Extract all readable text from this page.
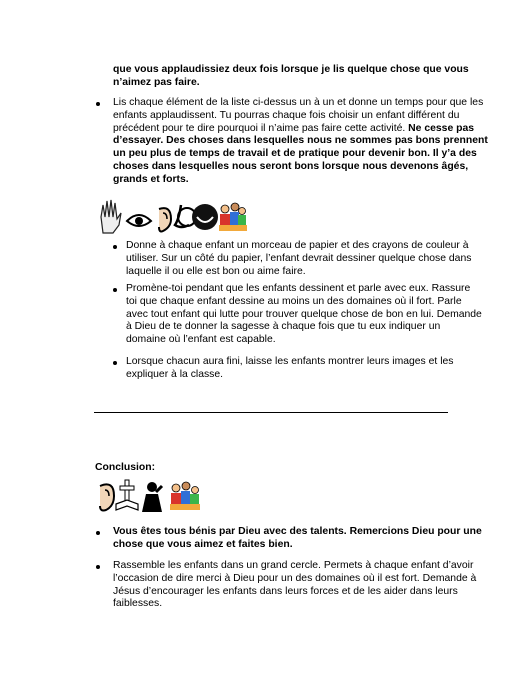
que vous applaudissiez deux fois lorsque je lis quelque chose que vous n’aimez pas faire.

Lis chaque élément de la liste ci-dessus un à un et donne un temps pour que les enfants applaudissent. Tu pourras chaque fois choisir un enfant différent du précédent pour te dire pourquoi il n’aime pas faire cette activité. Ne cesse pas d’essayer. Des choses dans lesquelles nous ne sommes pas bons prennent un peu plus de temps de travail et de pratique pour devenir bon. Il y’a des choses dans lesquelles nous seront bons lorsque nous devenons âgés, grands et forts.

Donne à chaque enfant un morceau de papier et des crayons de couleur à utiliser. Sur un côté du papier, l’enfant devrait dessiner quelque chose dans laquelle il ou elle est bon ou aime faire.

Promène-toi pendant que les enfants dessinent et parle avec eux. Rassure toi que chaque enfant dessine au moins un des domaines où il fort. Parle avec tout enfant qui lutte pour trouver quelque chose de bon en lui. Demande à Dieu de te donner la sagesse à chaque fois que tu eux indiquer un domaine où l’enfant est capable.

Lorsque chacun aura fini, laisse les enfants montrer leurs images et les expliquer à la classe.

Conclusion:

Vous êtes tous bénis par Dieu avec des talents. Remercions Dieu pour une chose que vous aimez et faites bien.

Rassemble les enfants dans un grand cercle. Permets à chaque enfant d’avoir l’occasion de dire merci à Dieu pour un des domaines où il est fort. Demande à Jésus d’encourager les enfants dans leurs forces et de les aider dans leurs faiblesses.
